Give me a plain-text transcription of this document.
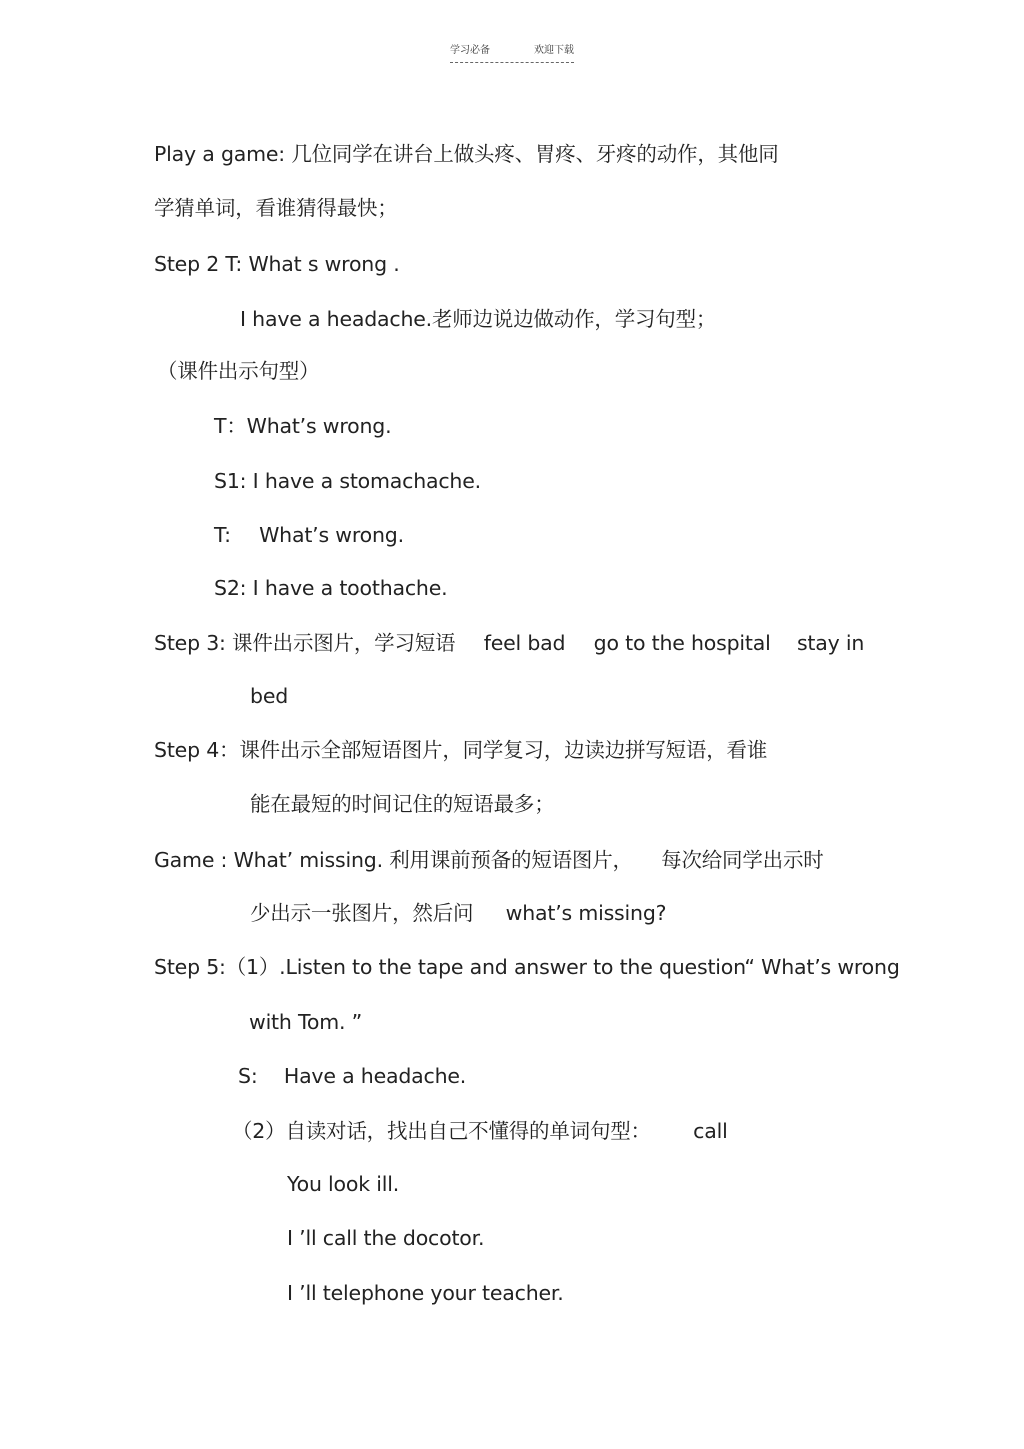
学习必备	欢迎下载
Play a game: 几位同学在讲台上做头疼、胃疼、牙疼的动作，其他同
学猜单词，看谁猜得最快；
Step 2 T: What s wrong .
I have a headache.老师边说边做动作，学习句型；
（课件出示句型）
T：What’s wrong.
S1: I have a stomachache.
T: What’s wrong.
S2: I have a toothache.
Step 3: 课件出示图片，学习短语 feel bad go to the hospital stay in
bed
Step 4：课件出示全部短语图片，同学复习，边读边拼写短语，看谁
能在最短的时间记住的短语最多；
Game : What’ missing. 利用课前预备的短语图片， 每次给同学出示时
少出示一张图片，然后问 what’s missing?
Step 5:（1）.Listen to the tape and answer to the question“ What’s wrong
with Tom. ”
S: Have a headache.
（2）自读对话，找出自己不懂得的单词句型： call
You look ill.
I ’ll call the docotor.
I ’ll telephone your teacher.
